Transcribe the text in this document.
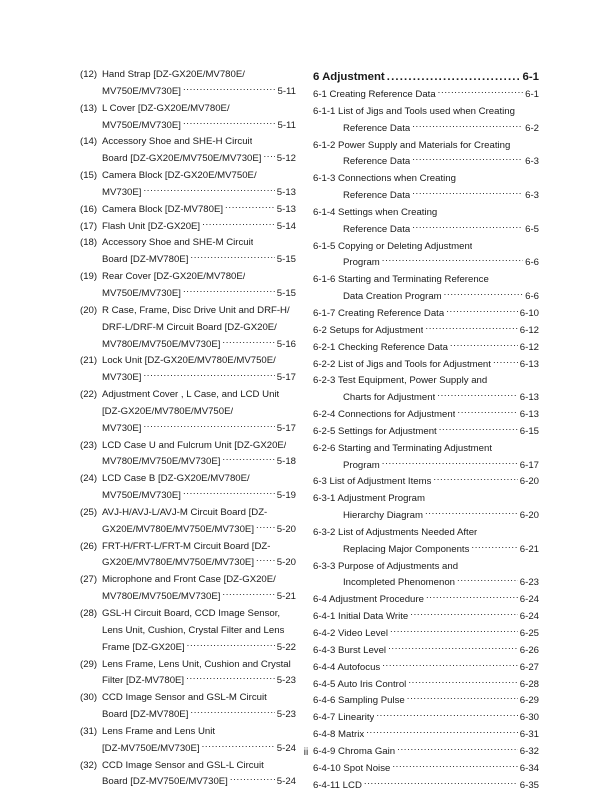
(12) Hand Strap [DZ-GX20E/MV780E/
MV750E/MV730E] . . .	5-11
(13) L Cover [DZ-GX20E/MV780E/
MV750E/MV730E] . . .	5-11
(14) Accessory Shoe and SHE-H Circuit
Board [DZ-GX20E/MV750E/MV730E] . . . 5-12
(15) Camera Block [DZ-GX20E/MV750E/
MV730E] . . .	5-13
(16) Camera Block [DZ-MV780E] . . .	5-13
(17) Flash Unit [DZ-GX20E] . . .	5-14
(18) Accessory Shoe and SHE-M Circuit
Board [DZ-MV780E] . . .	5-15
(19) Rear Cover [DZ-GX20E/MV780E/
MV750E/MV730E] . . .	5-15
(20) R Case, Frame, Disc Drive Unit and DRF-H/
DRF-L/DRF-M Circuit Board [DZ-GX20E/
MV780E/MV750E/MV730E] . . .	5-16
(21) Lock Unit [DZ-GX20E/MV780E/MV750E/
MV730E] . . .	5-17
(22) Adjustment Cover , L Case, and LCD Unit
[DZ-GX20E/MV780E/MV750E/
MV730E] . . .	5-17
(23) LCD Case U and Fulcrum Unit [DZ-GX20E/
MV780E/MV750E/MV730E] . . .	5-18
(24) LCD Case B [DZ-GX20E/MV780E/
MV750E/MV730E] . . .	5-19
(25) AVJ-H/AVJ-L/AVJ-M Circuit Board [DZ-
GX20E/MV780E/MV750E/MV730E] . . . 5-20
(26) FRT-H/FRT-L/FRT-M Circuit Board [DZ-
GX20E/MV780E/MV750E/MV730E] . . . 5-20
(27) Microphone and Front Case [DZ-GX20E/
MV780E/MV750E/MV730E] . . .	5-21
(28) GSL-H Circuit Board, CCD Image Sensor,
Lens Unit, Cushion, Crystal Filter and Lens
Frame [DZ-GX20E] . . .	5-22
(29) Lens Frame, Lens Unit, Cushion and Crystal
Filter [DZ-MV780E] . . .	5-23
(30) CCD Image Sensor and GSL-M Circuit
Board [DZ-MV780E] . . .	5-23
(31) Lens Frame and Lens Unit
[DZ-MV750E/MV730E] . . .	5-24
(32) CCD Image Sensor and GSL-L Circuit
Board [DZ-MV750E/MV730E] . . .	5-24
6 Adjustment . . .	6-1
6-1 Creating Reference Data . . .	6-1
6-1-1 List of Jigs and Tools used when Creating
Reference Data . . .	6-2
6-1-2 Power Supply and Materials for Creating
Reference Data . . .	6-3
6-1-3 Connections when Creating
Reference Data . . .	6-3
6-1-4 Settings when Creating
Reference Data . . .	6-5
6-1-5 Copying or Deleting Adjustment
Program . . .	6-6
6-1-6 Starting and Terminating Reference
Data Creation Program . . .	6-6
6-1-7 Creating Reference Data . . .	6-10
6-2 Setups for Adjustment . . .	6-12
6-2-1 Checking Reference Data . . .	6-12
6-2-2 List of Jigs and Tools for Adjustment . . .	6-13
6-2-3 Test Equipment, Power Supply and
Charts for Adjustment . . .	6-13
6-2-4 Connections for Adjustment . . .	6-13
6-2-5 Settings for Adjustment . . .	6-15
6-2-6 Starting and Terminating Adjustment
Program . . .	6-17
6-3 List of Adjustment Items . . .	6-20
6-3-1 Adjustment Program
Hierarchy Diagram . . .	6-20
6-3-2 List of Adjustments Needed After
Replacing Major Components . . .	6-21
6-3-3 Purpose of Adjustments and
Incompleted Phenomenon . . .	6-23
6-4 Adjustment Procedure . . .	6-24
6-4-1 Initial Data Write . . .	6-24
6-4-2 Video Level . . .	6-25
6-4-3 Burst Level . . .	6-26
6-4-4 Autofocus . . .	6-27
6-4-5 Auto Iris Control . . .	6-28
6-4-6 Sampling Pulse . . .	6-29
6-4-7 Linearity . . .	6-30
6-4-8 Matrix . . .	6-31
6-4-9 Chroma Gain . . .	6-32
6-4-10 Spot Noise . . .	6-34
6-4-11 LCD . . .	6-35
ii
